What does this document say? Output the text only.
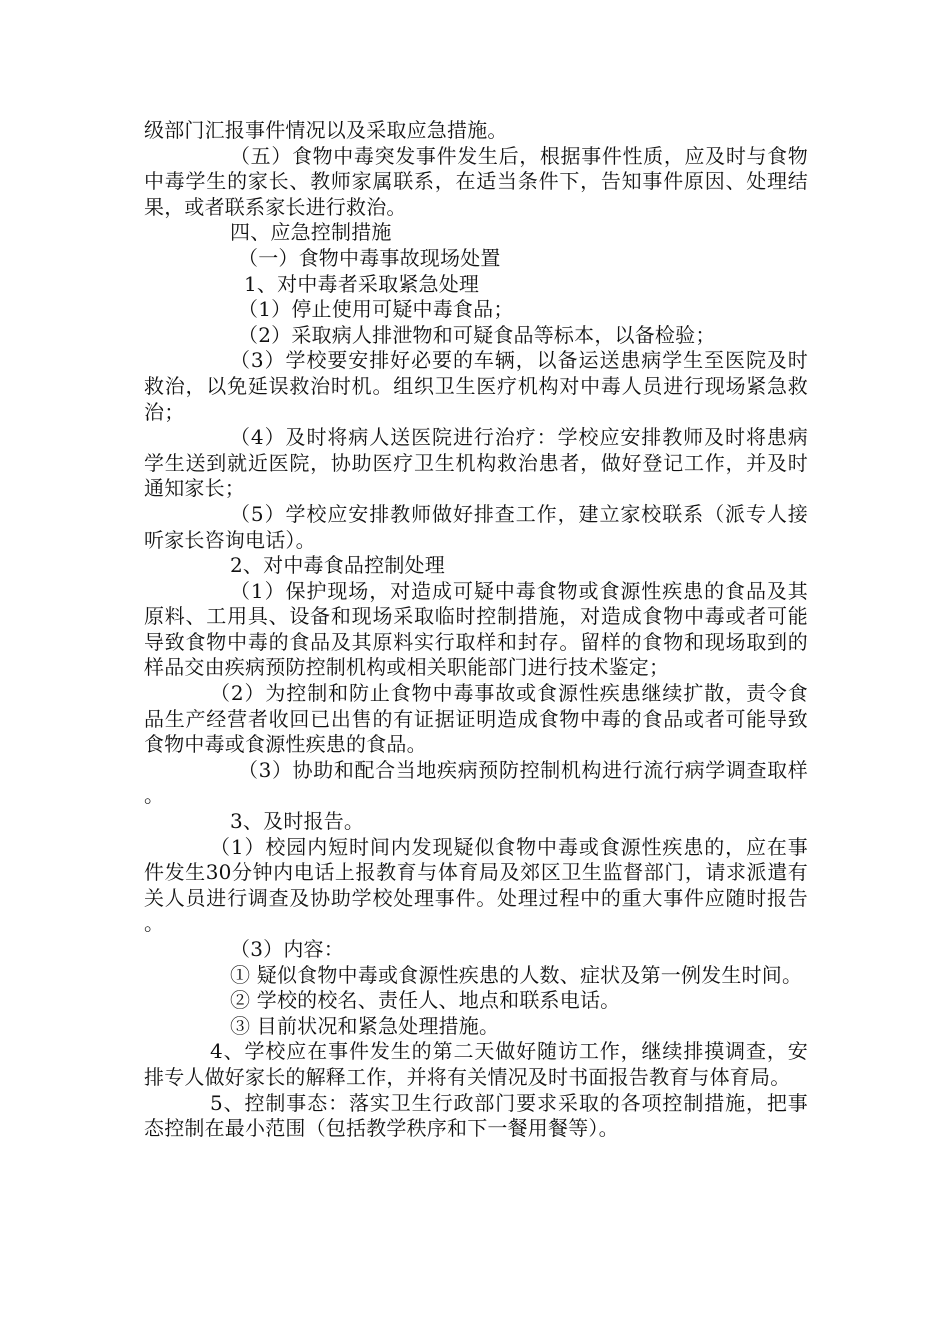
级部门汇报事件情况以及采取应急措施。

（五）食物中毒突发事件发生后，根据事件性质，应及时与食物中毒学生的家长、教师家属联系，在适当条件下，告知事件原因、处理结果，或者联系家长进行救治。

四、应急控制措施

（一）食物中毒事故现场处置

1、对中毒者采取紧急处理

（1）停止使用可疑中毒食品；

（2）采取病人排泄物和可疑食品等标本，以备检验；

（3）学校要安排好必要的车辆，以备运送患病学生至医院及时救治，以免延误救治时机。组织卫生医疗机构对中毒人员进行现场紧急救治；

（4）及时将病人送医院进行治疗：学校应安排教师及时将患病学生送到就近医院，协助医疗卫生机构救治患者，做好登记工作，并及时通知家长；

（5）学校应安排教师做好排查工作，建立家校联系（派专人接听家长咨询电话）。

2、对中毒食品控制处理

（1）保护现场，对造成可疑中毒食物或食源性疾患的食品及其原料、工用具、设备和现场采取临时控制措施，对造成食物中毒或者可能导致食物中毒的食品及其原料实行取样和封存。留样的食物和现场取到的样品交由疾病预防控制机构或相关职能部门进行技术鉴定；

（2）为控制和防止食物中毒事故或食源性疾患继续扩散，责令食品生产经营者收回已出售的有证据证明造成食物中毒的食品或者可能导致食物中毒或食源性疾患的食品。

（3）协助和配合当地疾病预防控制机构进行流行病学调查取样。

3、及时报告。

（1）校园内短时间内发现疑似食物中毒或食源性疾患的，应在事件发生30分钟内电话上报教育与体育局及郊区卫生监督部门，请求派遣有关人员进行调查及协助学校处理事件。处理过程中的重大事件应随时报告。

（3）内容：

① 疑似食物中毒或食源性疾患的人数、症状及第一例发生时间。

② 学校的校名、责任人、地点和联系电话。

③ 目前状况和紧急处理措施。

4、学校应在事件发生的第二天做好随访工作，继续排摸调查，安排专人做好家长的解释工作，并将有关情况及时书面报告教育与体育局。

5、控制事态：落实卫生行政部门要求采取的各项控制措施，把事态控制在最小范围（包括教学秩序和下一餐用餐等）。
